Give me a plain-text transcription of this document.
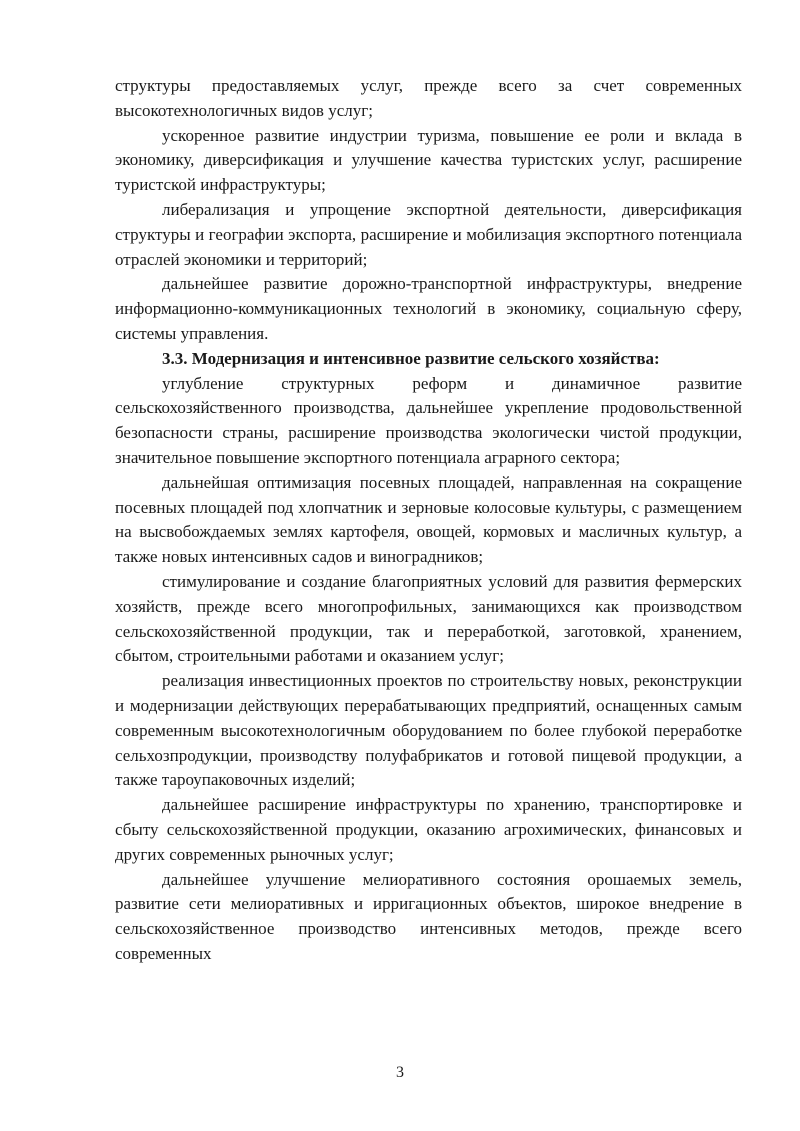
структуры предоставляемых услуг, прежде всего за счет современных высокотехнологичных видов услуг;

ускоренное развитие индустрии туризма, повышение ее роли и вклада в экономику, диверсификация и улучшение качества туристских услуг, расширение туристской инфраструктуры;

либерализация и упрощение экспортной деятельности, диверсификация структуры и географии экспорта, расширение и мобилизация экспортного потенциала отраслей экономики и территорий;

дальнейшее развитие дорожно-транспортной инфраструктуры, внедрение информационно-коммуникационных технологий в экономику, социальную сферу, системы управления.

3.3. Модернизация и интенсивное развитие сельского хозяйства:

углубление структурных реформ и динамичное развитие сельскохозяйственного производства, дальнейшее укрепление продовольственной безопасности страны, расширение производства экологически чистой продукции, значительное повышение экспортного потенциала аграрного сектора;

дальнейшая оптимизация посевных площадей, направленная на сокращение посевных площадей под хлопчатник и зерновые колосовые культуры, с размещением на высвобождаемых землях картофеля, овощей, кормовых и масличных культур, а также новых интенсивных садов и виноградников;

стимулирование и создание благоприятных условий для развития фермерских хозяйств, прежде всего многопрофильных, занимающихся как производством сельскохозяйственной продукции, так и переработкой, заготовкой, хранением, сбытом, строительными работами и оказанием услуг;

реализация инвестиционных проектов по строительству новых, реконструкции и модернизации действующих перерабатывающих предприятий, оснащенных самым современным высокотехнологичным оборудованием по более глубокой переработке сельхозпродукции, производству полуфабрикатов и готовой пищевой продукции, а также тароупаковочных изделий;

дальнейшее расширение инфраструктуры по хранению, транспортировке и сбыту сельскохозяйственной продукции, оказанию агрохимических, финансовых и других современных рыночных услуг;

дальнейшее улучшение мелиоративного состояния орошаемых земель, развитие сети мелиоративных и ирригационных объектов, широкое внедрение в сельскохозяйственное производство интенсивных методов, прежде всего современных

3
